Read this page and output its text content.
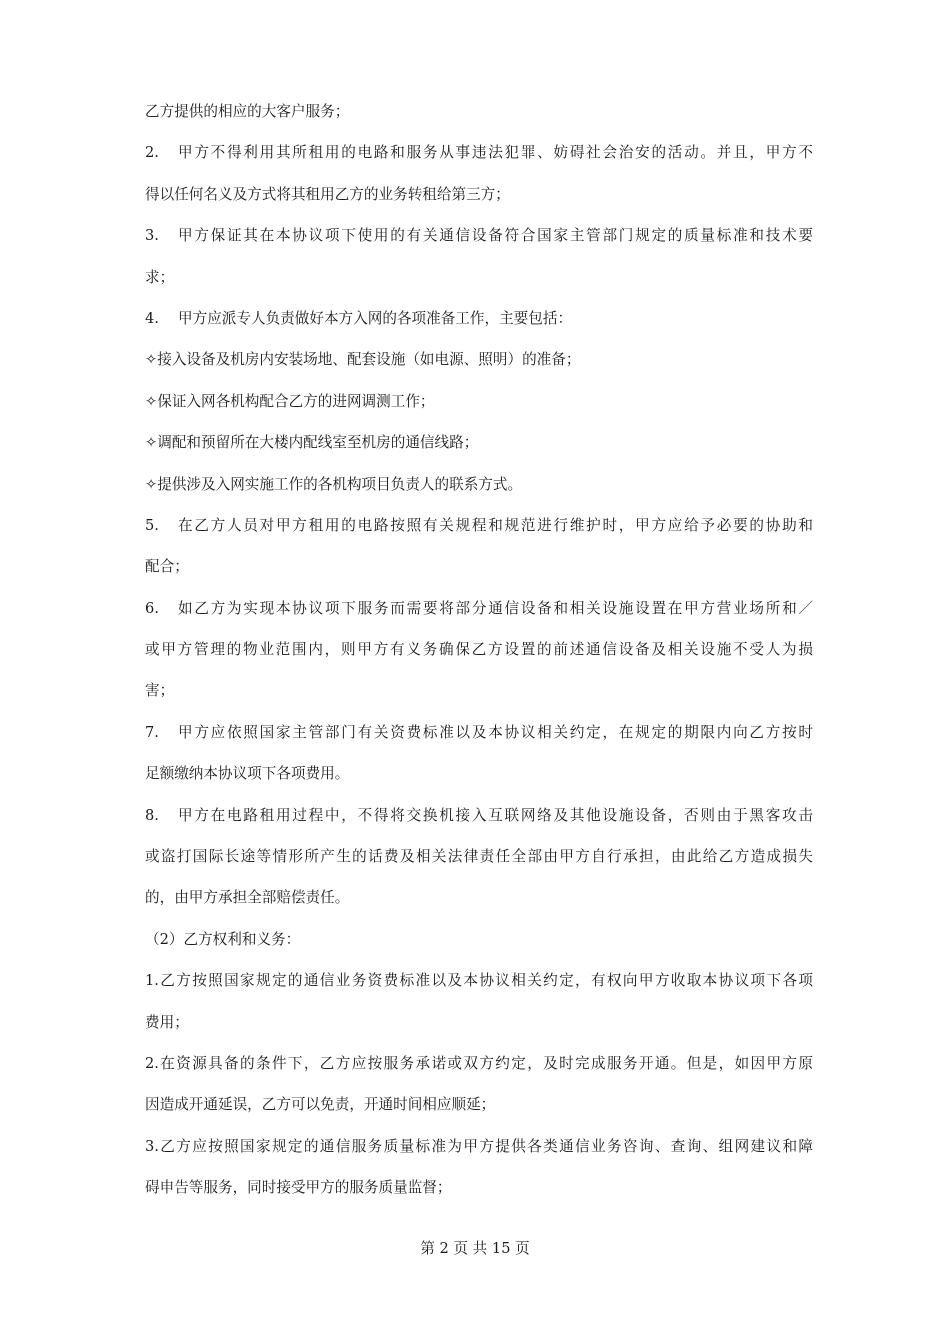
乙方提供的相应的大客户服务；
2.	甲方不得利用其所租用的电路和服务从事违法犯罪、妨碍社会治安的活动。并且，甲方不
得以任何名义及方式将其租用乙方的业务转租给第三方；
3.	甲方保证其在本协议项下使用的有关通信设备符合国家主管部门规定的质量标准和技术要
求；
4.	甲方应派专人负责做好本方入网的各项准备工作，主要包括：
✧接入设备及机房内安装场地、配套设施（如电源、照明）的准备；
✧保证入网各机构配合乙方的进网调测工作；
✧调配和预留所在大楼内配线室至机房的通信线路；
✧提供涉及入网实施工作的各机构项目负责人的联系方式。
5.	在乙方人员对甲方租用的电路按照有关规程和规范进行维护时，甲方应给予必要的协助和
配合；
6.	如乙方为实现本协议项下服务而需要将部分通信设备和相关设施设置在甲方营业场所和／
或甲方管理的物业范围内，则甲方有义务确保乙方设置的前述通信设备及相关设施不受人为损
害；
7.	甲方应依照国家主管部门有关资费标准以及本协议相关约定，在规定的期限内向乙方按时
足额缴纳本协议项下各项费用。
8.	甲方在电路租用过程中，不得将交换机接入互联网络及其他设施设备，否则由于黑客攻击
或盗打国际长途等情形所产生的话费及相关法律责任全部由甲方自行承担，由此给乙方造成损失
的，由甲方承担全部赔偿责任。
（2）乙方权利和义务：
1.乙方按照国家规定的通信业务资费标准以及本协议相关约定，有权向甲方收取本协议项下各项
费用；
2.在资源具备的条件下，乙方应按服务承诺或双方约定，及时完成服务开通。但是，如因甲方原
因造成开通延误，乙方可以免责，开通时间相应顺延；
3.乙方应按照国家规定的通信服务质量标准为甲方提供各类通信业务咨询、查询、组网建议和障
碍申告等服务，同时接受甲方的服务质量监督；
第 2 页 共 15 页
